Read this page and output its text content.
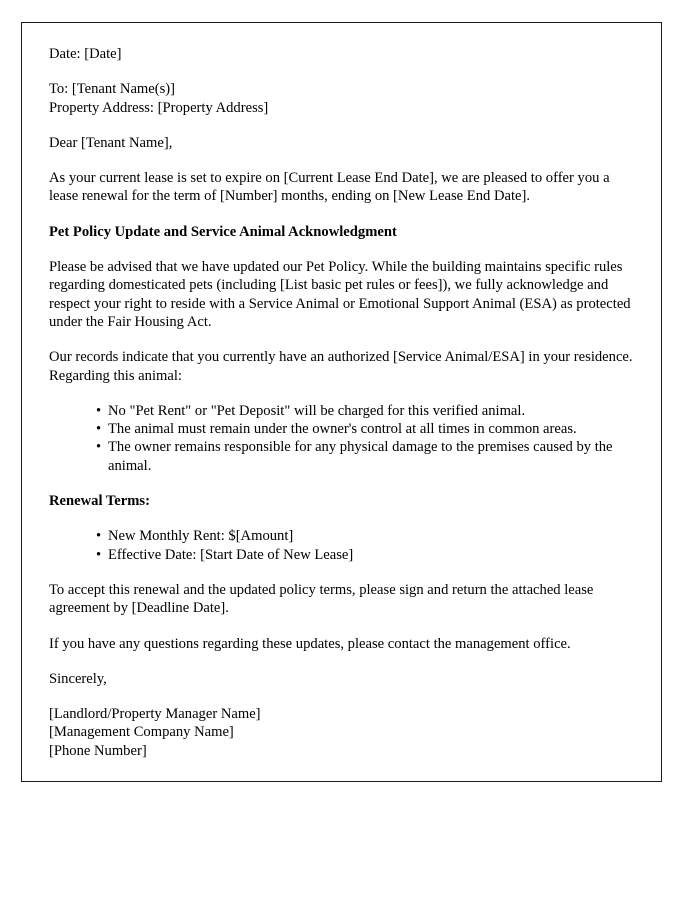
Date: [Date]

To: [Tenant Name(s)]

Property Address: [Property Address]

Dear [Tenant Name],

As your current lease is set to expire on [Current Lease End Date], we are pleased to offer you a lease renewal for the term of [Number] months, ending on [New Lease End Date].

Pet Policy Update and Service Animal Acknowledgment

Please be advised that we have updated our Pet Policy. While the building maintains specific rules regarding domesticated pets (including [List basic pet rules or fees]), we fully acknowledge and respect your right to reside with a Service Animal or Emotional Support Animal (ESA) as protected under the Fair Housing Act.

Our records indicate that you currently have an authorized [Service Animal/ESA] in your residence. Regarding this animal:

• No "Pet Rent" or "Pet Deposit" will be charged for this verified animal.
• The animal must remain under the owner's control at all times in common areas.
• The owner remains responsible for any physical damage to the premises caused by the animal.

Renewal Terms:

• New Monthly Rent: $[Amount]
• Effective Date: [Start Date of New Lease]

To accept this renewal and the updated policy terms, please sign and return the attached lease agreement by [Deadline Date].

If you have any questions regarding these updates, please contact the management office.

Sincerely,

[Landlord/Property Manager Name]

[Management Company Name]

[Phone Number]
